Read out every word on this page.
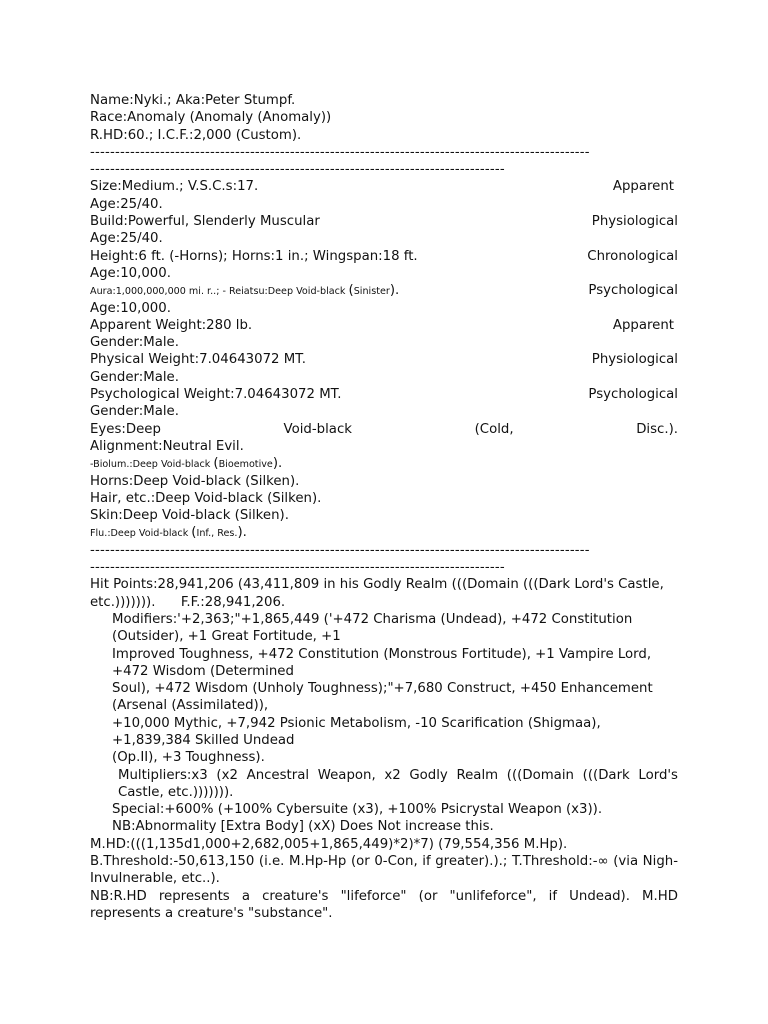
Name:Nyki.; Aka:Peter Stumpf.
Race:Anomaly (Anomaly (Anomaly))
R.HD:60.; I.C.F.:2,000 (Custom).
----------------------------------------------------------------------------------------------------
-----------------------------------------------------------------------------------
Size:Medium.; V.S.C.s:17.	Apparent
Age:25/40.
Build:Powerful, Slenderly Muscular	Physiological
Age:25/40.
Height:6 ft. (-Horns); Horns:1 in.; Wingspan:18 ft.	Chronological
Age:10,000.
Aura:1,000,000,000 mi. r..; - Reiatsu:Deep Void-black (Sinister).	Psychological
Age:10,000.
Apparent Weight:280 lb.	Apparent
Gender:Male.
Physical Weight:7.04643072 MT.	Physiological
Gender:Male.
Psychological Weight:7.04643072 MT.	Psychological
Gender:Male.
Eyes:Deep	Void-black	(Cold,	Disc.).
Alignment:Neutral Evil.
-Biolum.:Deep Void-black (Bioemotive).
Horns:Deep Void-black (Silken).
Hair, etc.:Deep Void-black (Silken).
Skin:Deep Void-black (Silken).
Flu.:Deep Void-black (Inf., Res.).
----------------------------------------------------------------------------------------------------
-----------------------------------------------------------------------------------
Hit Points:28,941,206 (43,411,809 in his Godly Realm (((Domain (((Dark Lord's Castle, etc.))))))).      F.F.:28,941,206.
Modifiers:'+2,363;"+1,865,449 ('+472 Charisma (Undead), +472 Constitution (Outsider), +1 Great Fortitude, +1
Improved Toughness, +472 Constitution (Monstrous Fortitude), +1 Vampire Lord, +472 Wisdom (Determined
Soul), +472 Wisdom (Unholy Toughness);"+7,680 Construct, +450 Enhancement (Arsenal (Assimilated)),
+10,000 Mythic, +7,942 Psionic Metabolism, -10 Scarification (Shigmaa), +1,839,384 Skilled Undead
(Op.II), +3 Toughness).
Multipliers:x3 (x2 Ancestral Weapon, x2 Godly Realm (((Domain (((Dark Lord's Castle, etc.))))))).
Special:+600% (+100% Cybersuite (x3), +100% Psicrystal Weapon (x3)).
NB:Abnormality [Extra Body] (xX) Does Not increase this.
M.HD:(((1,135d1,000+2,682,005+1,865,449)*2)*7) (79,554,356 M.Hp).
B.Threshold:-50,613,150 (i.e. M.Hp-Hp (or 0-Con, if greater).).; T.Threshold:-∞ (via Nigh-Invulnerable, etc..).
NB:R.HD represents a creature's "lifeforce" (or "unlifeforce", if Undead). M.HD represents a creature's "substance".
